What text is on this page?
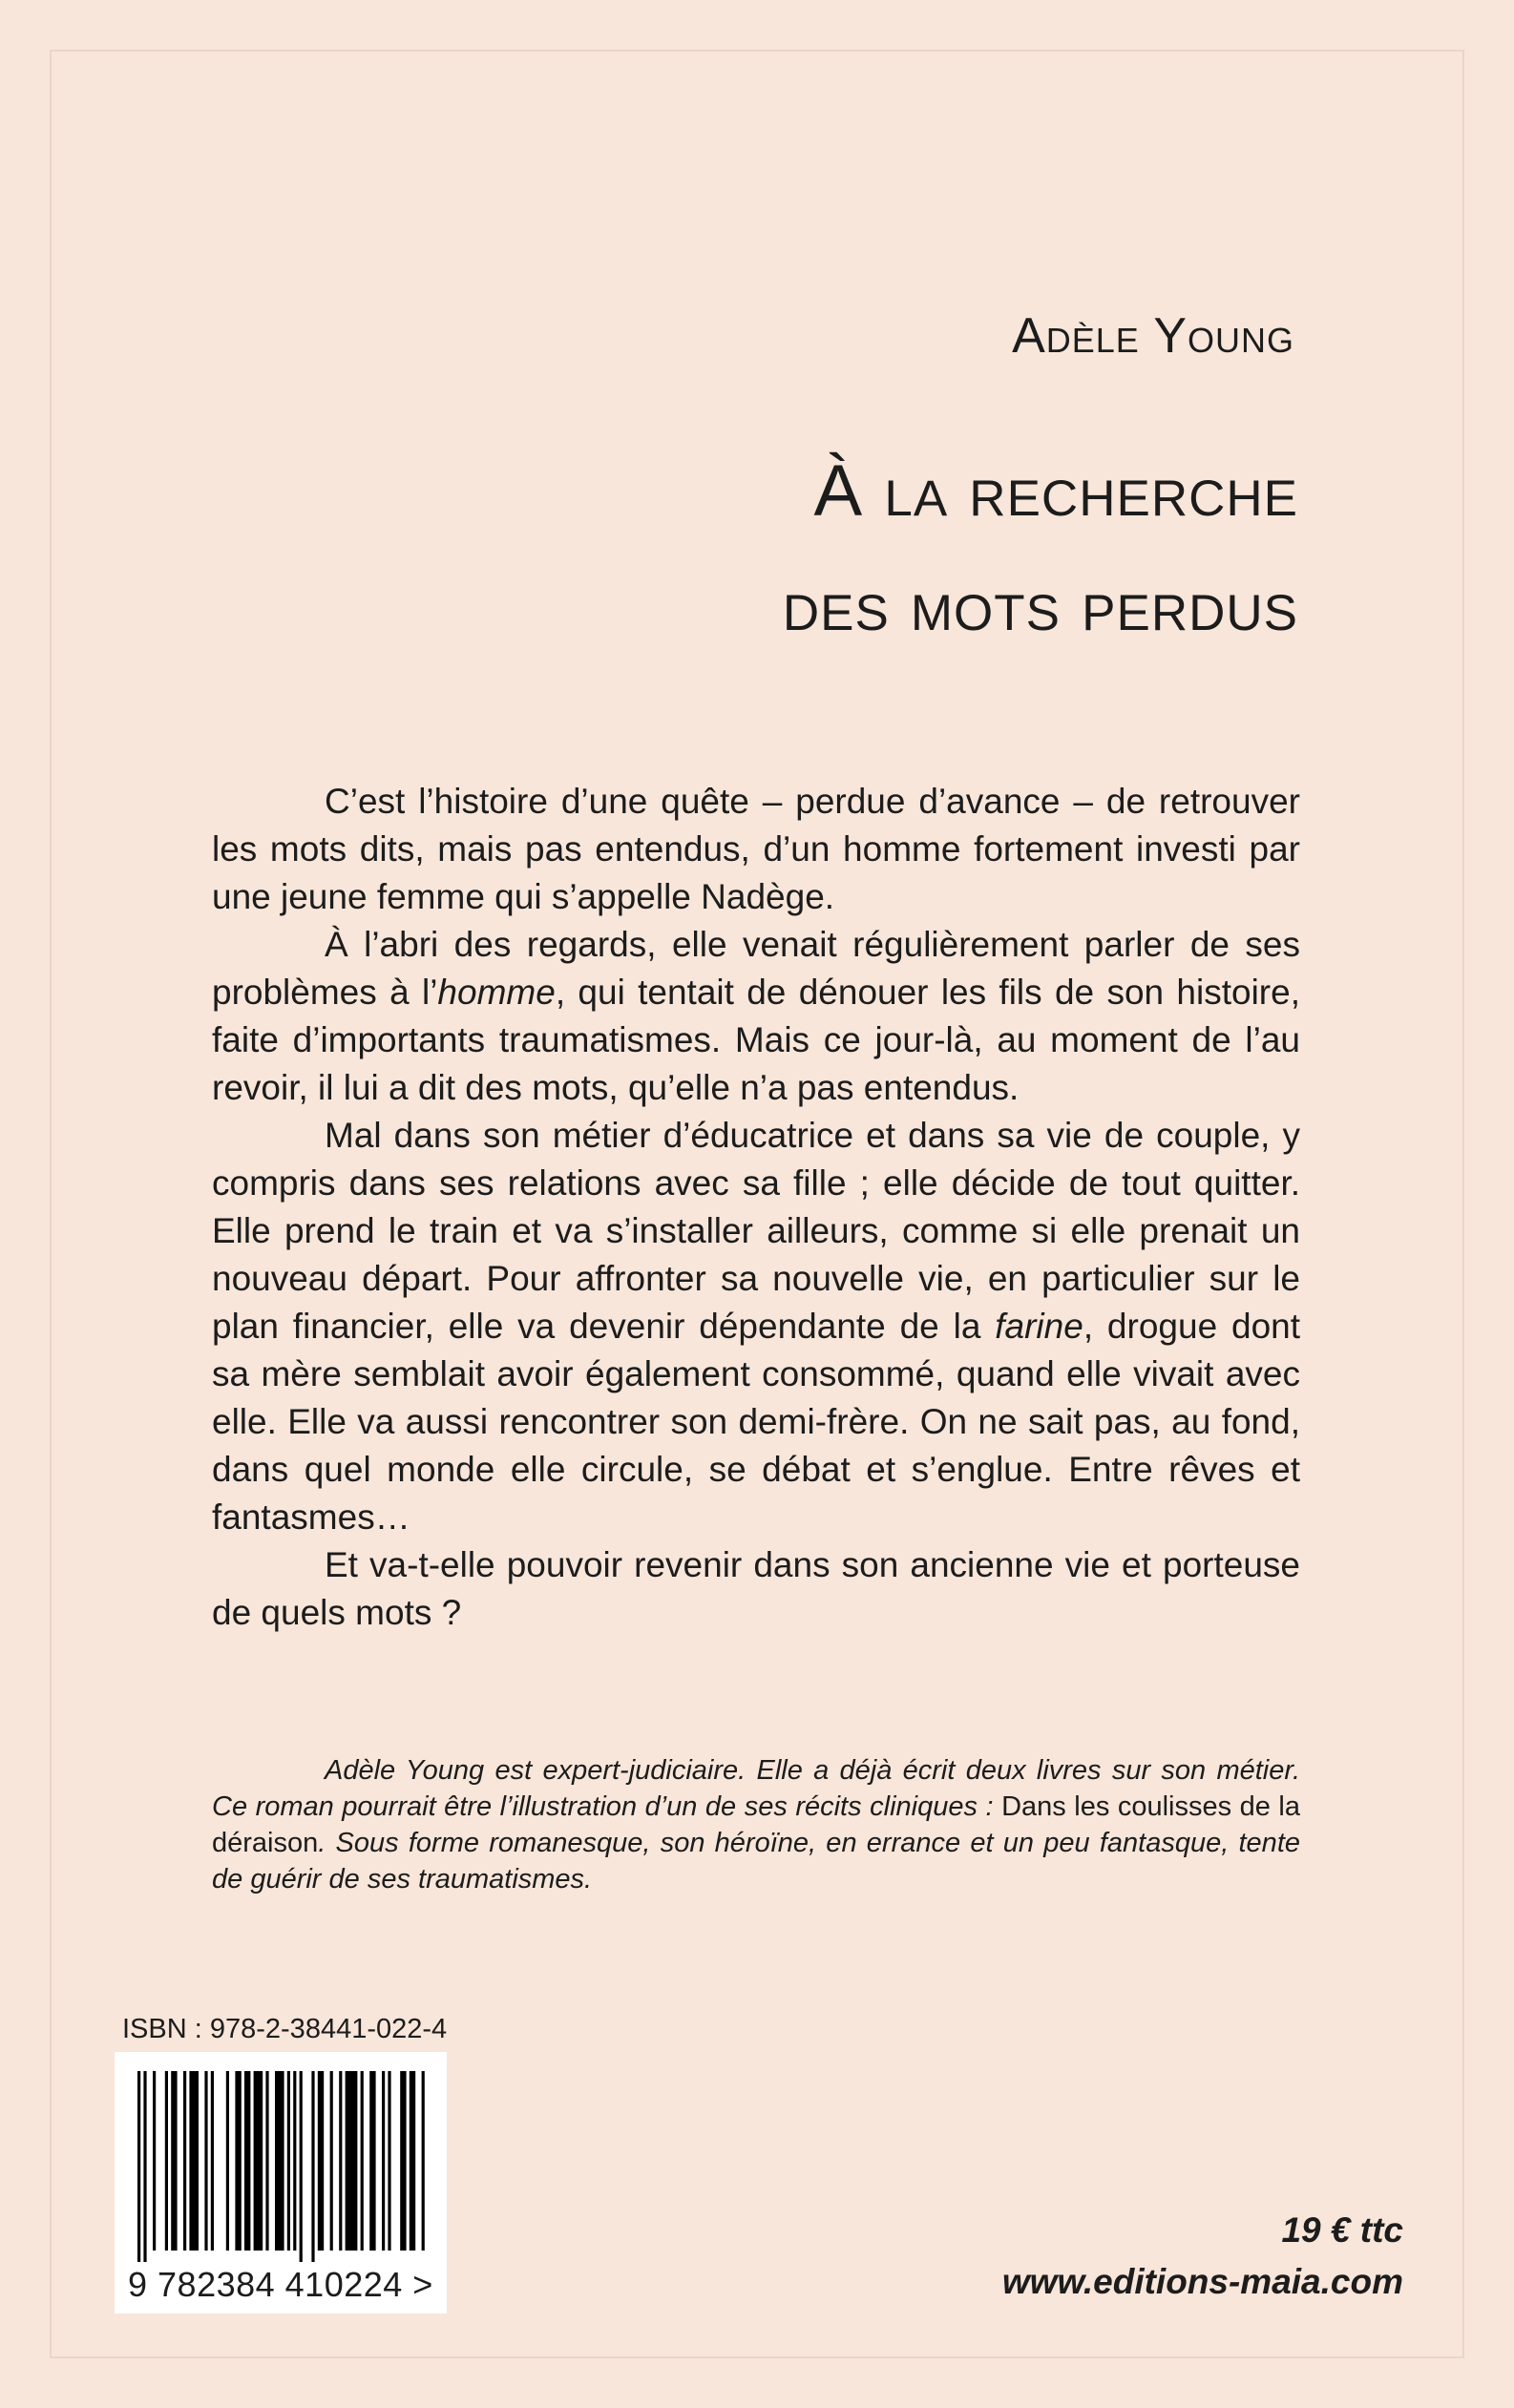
Adèle Young
À la recherche
des mots perdus

C’est l’histoire d’une quête – perdue d’avance – de retrouver les mots dits, mais pas entendus, d’un homme fortement investi par une jeune femme qui s’appelle Nadège.

À l’abri des regards, elle venait régulièrement parler de ses problèmes à l’homme, qui tentait de dénouer les fils de son histoire, faite d’importants traumatismes. Mais ce jour-là, au moment de l’au revoir, il lui a dit des mots, qu’elle n’a pas entendus.

Mal dans son métier d’éducatrice et dans sa vie de couple, y compris dans ses relations avec sa fille ; elle décide de tout quitter. Elle prend le train et va s’installer ailleurs, comme si elle prenait un nouveau départ. Pour affronter sa nouvelle vie, en particulier sur le plan financier, elle va devenir dépendante de la farine, drogue dont sa mère semblait avoir également consommé, quand elle vivait avec elle. Elle va aussi rencontrer son demi-frère. On ne sait pas, au fond, dans quel monde elle circule, se débat et s’englue. Entre rêves et fantasmes…

Et va-t-elle pouvoir revenir dans son ancienne vie et porteuse de quels mots ?

Adèle Young est expert-judiciaire. Elle a déjà écrit deux livres sur son métier. Ce roman pourrait être l’illustration d’un de ses récits cliniques : Dans les coulisses de la déraison. Sous forme romanesque, son héroïne, en errance et un peu fantasque, tente de guérir de ses traumatismes.
ISBN : 978-2-38441-022-4
9 782384 410224 >
19 € ttc
www.editions-maia.com
